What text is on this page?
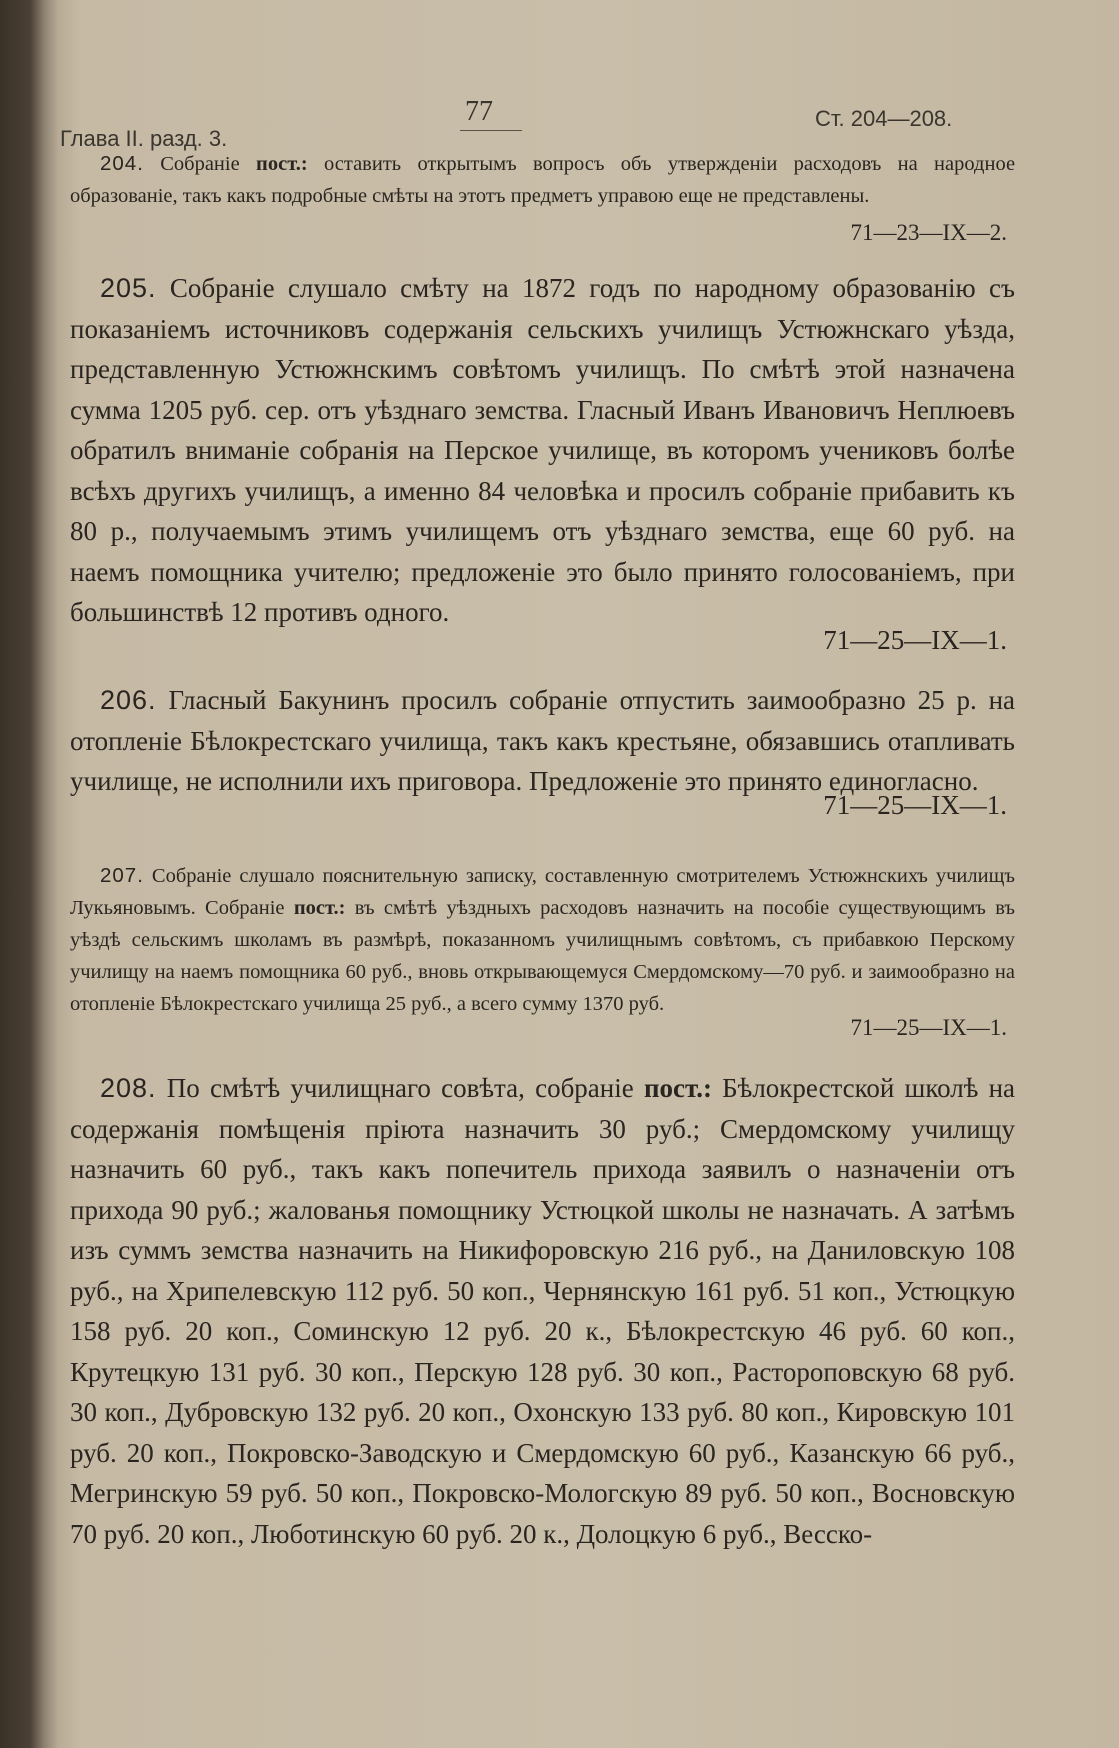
Глава II. разд. 3.
77	Ст. 204—208.
204. Собраніе пост.: оставить открытымъ вопросъ объ утвержденіи расходовъ на народное образованіе, такъ какъ подробные смѣты на этотъ предметъ управою еще не представлены.
71—23—IX—2.
205. Собраніе слушало смѣту на 1872 годъ по народному образованію съ показаніемъ источниковъ содержанія сельскихъ училищъ Устюжнскаго уѣзда, представленную Устюжнскимъ совѣтомъ училищъ. По смѣтѣ этой назначена сумма 1205 руб. сер. отъ уѣзднаго земства. Гласный Иванъ Ивановичъ Неплюевъ обратилъ вниманіе собранія на Перское училище, въ которомъ учениковъ болѣе всѣхъ другихъ училищъ, а именно 84 человѣка и просилъ собраніе прибавить къ 80 р., получаемымъ этимъ училищемъ отъ уѣзднаго земства, еще 60 руб. на наемъ помощника учителю; предложеніе это было принято голосованіемъ, при большинствѣ 12 противъ одного.
71—25—IX—1.
206. Гласный Бакунинъ просилъ собраніе отпустить заимообразно 25 р. на отопленіе Бѣлокрестскаго училища, такъ какъ крестьяне, обязавшись отапливать училище, не исполнили ихъ приговора. Предложеніе это принято единогласно.
71—25—IX—1.
207. Собраніе слушало пояснительную записку, составленную смотрителемъ Устюжнскихъ училищъ Лукьяновымъ. Собраніе пост.: въ смѣтѣ уѣздныхъ расходовъ назначить на пособіе существующимъ въ уѣздѣ сельскимъ школамъ въ размѣрѣ, показанномъ училищнымъ совѣтомъ, съ прибавкою Перскому училищу на наемъ помощника 60 руб., вновь открывающемуся Смердомскому—70 руб. и заимообразно на отопленіе Бѣлокрестскаго училища 25 руб., а всего сумму 1370 руб.
71—25—IX—1.
208. По смѣтѣ училищнаго совѣта, собраніе пост.: Бѣлокрестской школѣ на содержанія помѣщенія пріюта назначить 30 руб.; Смердомскому училищу назначить 60 руб., такъ какъ попечитель прихода заявилъ о назначеніи отъ прихода 90 руб.; жалованья помощнику Устюцкой школы не назначать. А затѣмъ изъ суммъ земства назначить на Никифоровскую 216 руб., на Даниловскую 108 руб., на Хрипелевскую 112 руб. 50 коп., Чернянскую 161 руб. 51 коп., Устюцкую 158 руб. 20 коп., Соминскую 12 руб. 20 к., Бѣлокрестскую 46 руб. 60 коп., Крутецкую 131 руб. 30 коп., Перскую 128 руб. 30 коп., Растороповскую 68 руб. 30 коп., Дубровскую 132 руб. 20 коп., Охонскую 133 руб. 80 коп., Кировскую 101 руб. 20 коп., Покровско-Заводскую и Смердомскую 60 руб., Казанскую 66 руб., Мегринскую 59 руб. 50 коп., Покровско-Мологскую 89 руб. 50 коп., Восновскую 70 руб. 20 коп., Люботинскую 60 руб. 20 к., Долоцкую 6 руб., Весско-
